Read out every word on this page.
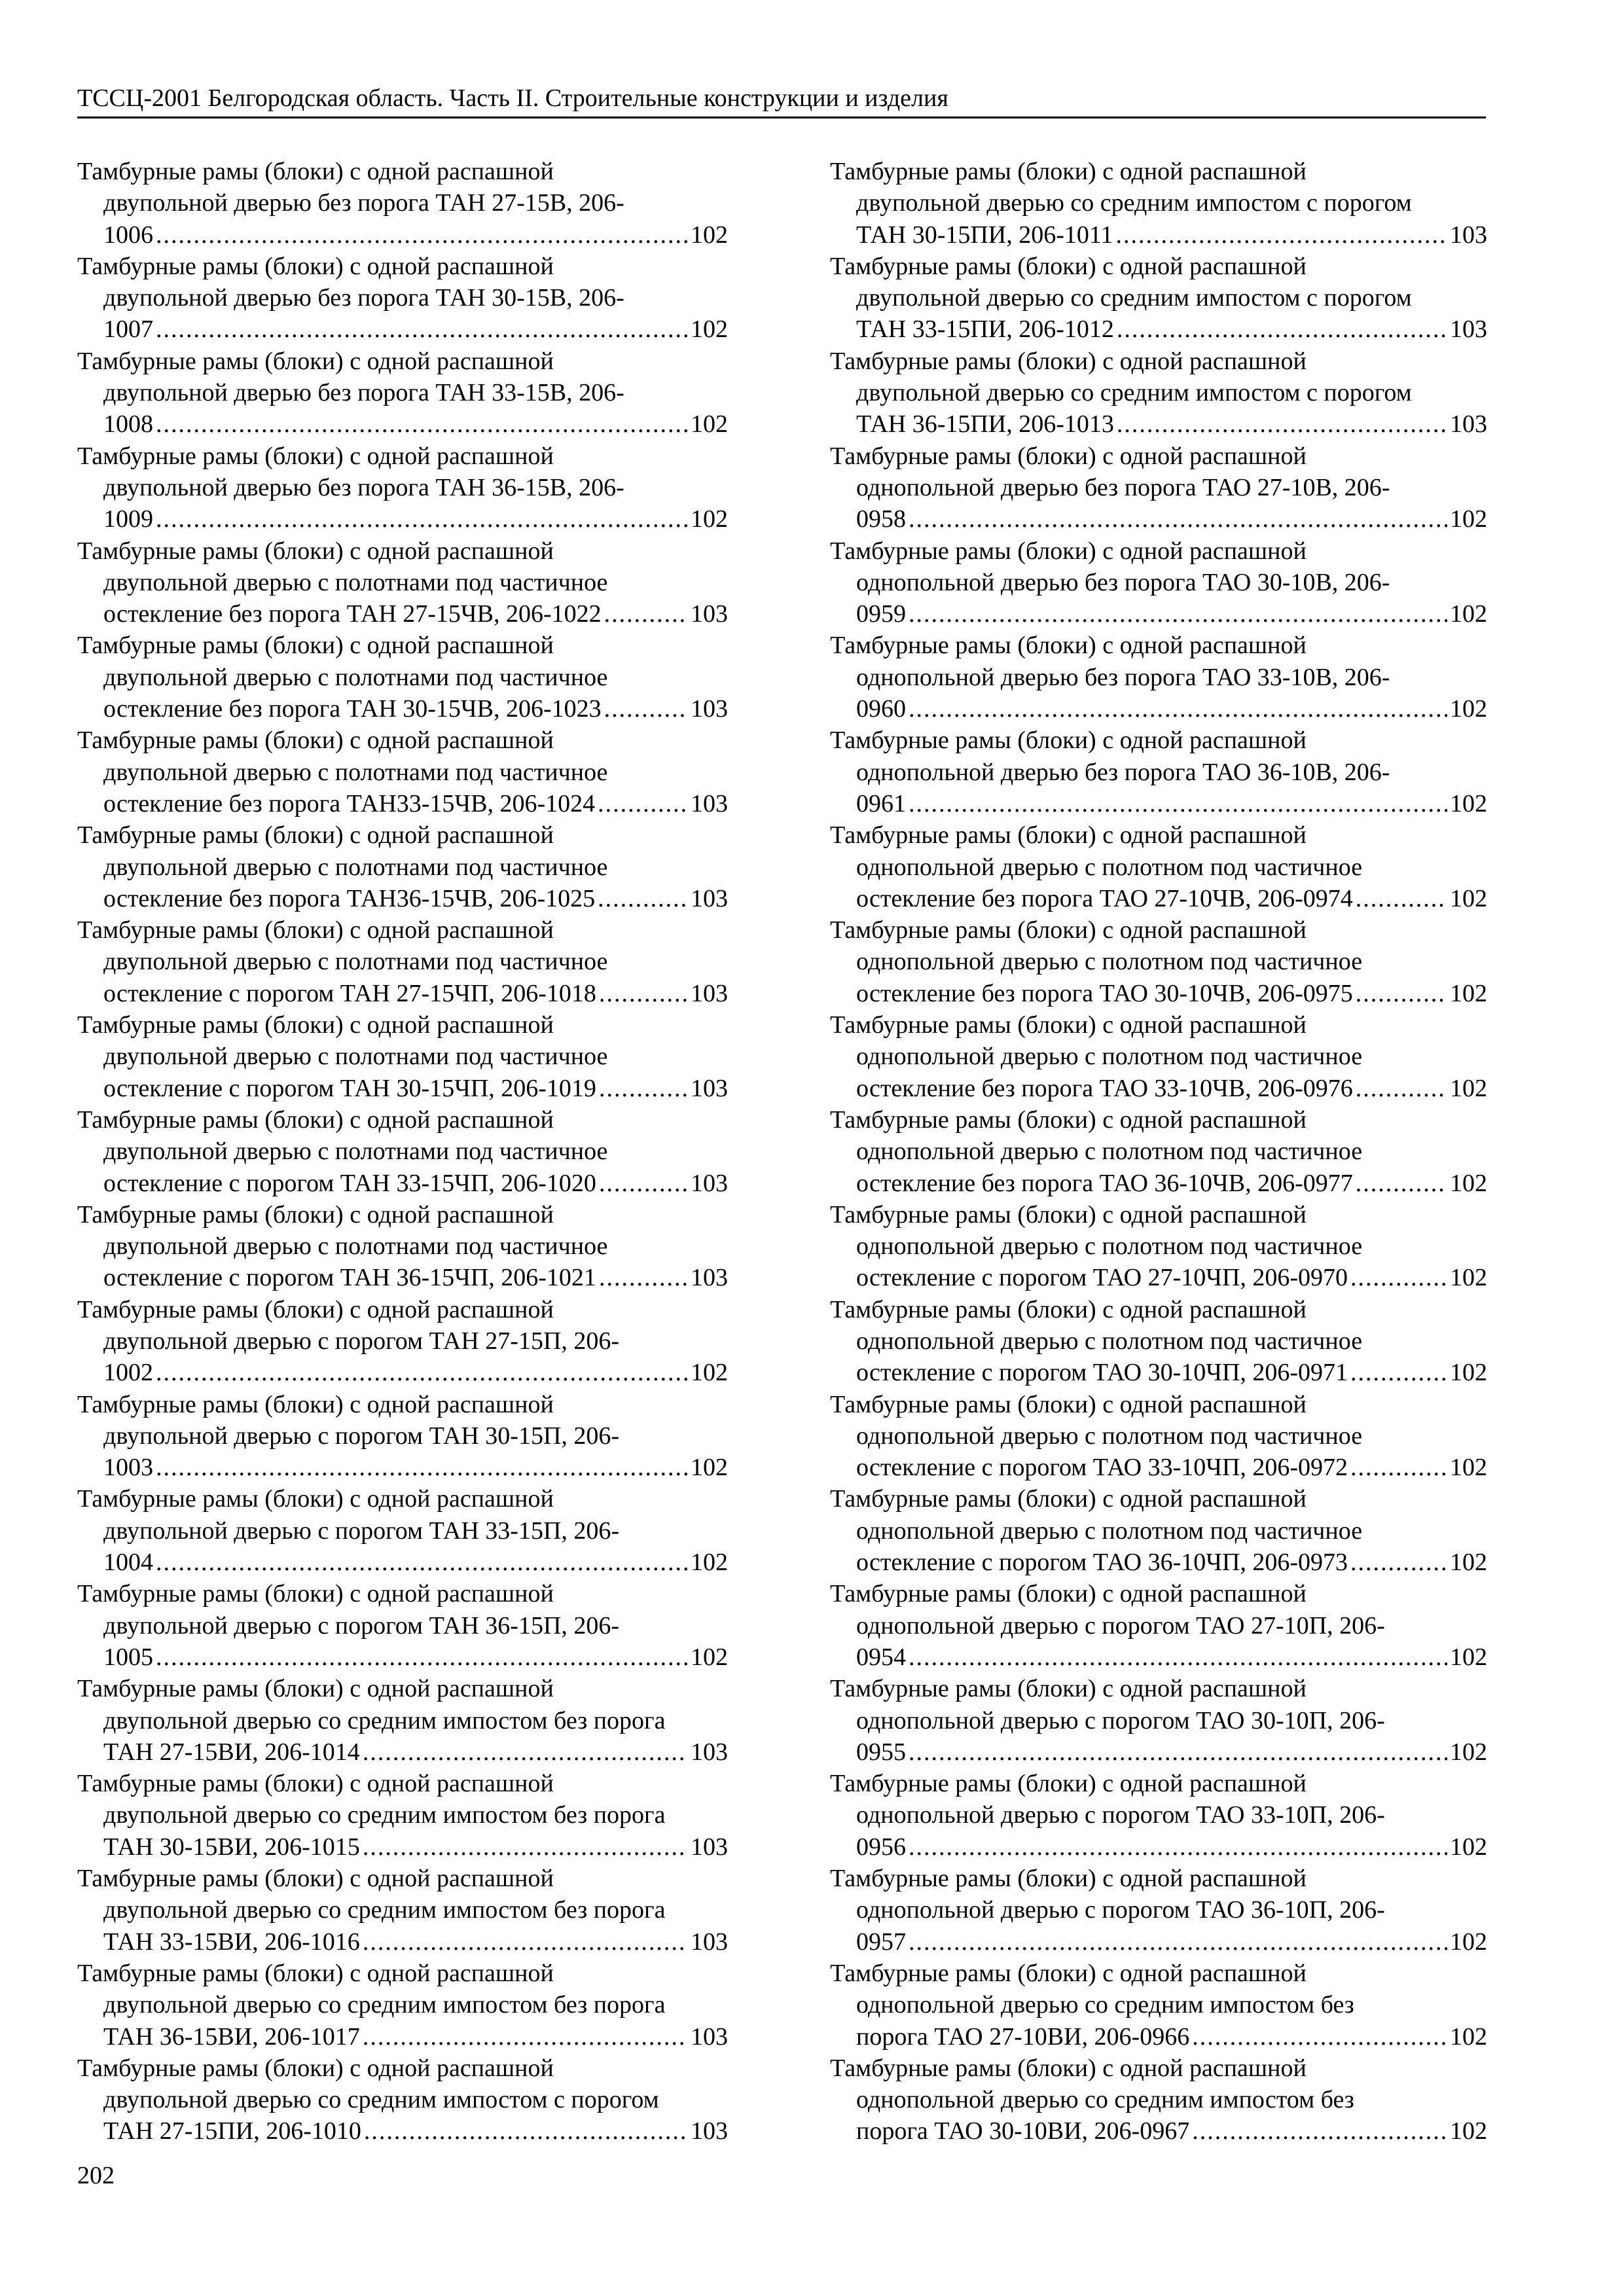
ТССЦ-2001 Белгородская область. Часть II. Строительные конструкции и изделия
Тамбурные рамы (блоки) с одной распашной
двупольной дверью без порога ТАН 27-15В, 206-
1006 .....	102
Тамбурные рамы (блоки) с одной распашной
двупольной дверью без порога ТАН 30-15В, 206-
1007 .....	102
Тамбурные рамы (блоки) с одной распашной
двупольной дверью без порога ТАН 33-15В, 206-
1008 .....	102
Тамбурные рамы (блоки) с одной распашной
двупольной дверью без порога ТАН 36-15В, 206-
1009 .....	102
Тамбурные рамы (блоки) с одной распашной
двупольной дверью с полотнами под частичное
остекление без порога ТАН 27-15ЧВ, 206-1022 .....	103
Тамбурные рамы (блоки) с одной распашной
двупольной дверью с полотнами под частичное
остекление без порога ТАН 30-15ЧВ, 206-1023 .....	103
Тамбурные рамы (блоки) с одной распашной
двупольной дверью с полотнами под частичное
остекление без порога ТАН33-15ЧВ, 206-1024 .....	103
Тамбурные рамы (блоки) с одной распашной
двупольной дверью с полотнами под частичное
остекление без порога ТАН36-15ЧВ, 206-1025 .....	103
Тамбурные рамы (блоки) с одной распашной
двупольной дверью с полотнами под частичное
остекление с порогом ТАН 27-15ЧП, 206-1018 .....	103
Тамбурные рамы (блоки) с одной распашной
двупольной дверью с полотнами под частичное
остекление с порогом ТАН 30-15ЧП, 206-1019 .....	103
Тамбурные рамы (блоки) с одной распашной
двупольной дверью с полотнами под частичное
остекление с порогом ТАН 33-15ЧП, 206-1020 .....	103
Тамбурные рамы (блоки) с одной распашной
двупольной дверью с полотнами под частичное
остекление с порогом ТАН 36-15ЧП, 206-1021 .....	103
Тамбурные рамы (блоки) с одной распашной
двупольной дверью с порогом ТАН 27-15П, 206-
1002 .....	102
Тамбурные рамы (блоки) с одной распашной
двупольной дверью с порогом ТАН 30-15П, 206-
1003 .....	102
Тамбурные рамы (блоки) с одной распашной
двупольной дверью с порогом ТАН 33-15П, 206-
1004 .....	102
Тамбурные рамы (блоки) с одной распашной
двупольной дверью с порогом ТАН 36-15П, 206-
1005 .....	102
Тамбурные рамы (блоки) с одной распашной
двупольной дверью со средним импостом без порога
ТАН 27-15ВИ, 206-1014 .....	103
Тамбурные рамы (блоки) с одной распашной
двупольной дверью со средним импостом без порога
ТАН 30-15ВИ, 206-1015 .....	103
Тамбурные рамы (блоки) с одной распашной
двупольной дверью со средним импостом без порога
ТАН 33-15ВИ, 206-1016 .....	103
Тамбурные рамы (блоки) с одной распашной
двупольной дверью со средним импостом без порога
ТАН 36-15ВИ, 206-1017 .....	103
Тамбурные рамы (блоки) с одной распашной
двупольной дверью со средним импостом с порогом
ТАН 27-15ПИ, 206-1010 .....	103
Тамбурные рамы (блоки) с одной распашной
двупольной дверью со средним импостом с порогом
ТАН 30-15ПИ, 206-1011 .....	103
Тамбурные рамы (блоки) с одной распашной
двупольной дверью со средним импостом с порогом
ТАН 33-15ПИ, 206-1012 .....	103
Тамбурные рамы (блоки) с одной распашной
двупольной дверью со средним импостом с порогом
ТАН 36-15ПИ, 206-1013 .....	103
Тамбурные рамы (блоки) с одной распашной
однопольной дверью без порога ТАО 27-10В, 206-
0958 .....	102
Тамбурные рамы (блоки) с одной распашной
однопольной дверью без порога ТАО 30-10В, 206-
0959 .....	102
Тамбурные рамы (блоки) с одной распашной
однопольной дверью без порога ТАО 33-10В, 206-
0960 .....	102
Тамбурные рамы (блоки) с одной распашной
однопольной дверью без порога ТАО 36-10В, 206-
0961 .....	102
Тамбурные рамы (блоки) с одной распашной
однопольной дверью с полотном под частичное
остекление без порога ТАО 27-10ЧВ, 206-0974 .....	102
Тамбурные рамы (блоки) с одной распашной
однопольной дверью с полотном под частичное
остекление без порога ТАО 30-10ЧВ, 206-0975 .....	102
Тамбурные рамы (блоки) с одной распашной
однопольной дверью с полотном под частичное
остекление без порога ТАО 33-10ЧВ, 206-0976 .....	102
Тамбурные рамы (блоки) с одной распашной
однопольной дверью с полотном под частичное
остекление без порога ТАО 36-10ЧВ, 206-0977 .....	102
Тамбурные рамы (блоки) с одной распашной
однопольной дверью с полотном под частичное
остекление с порогом ТАО 27-10ЧП, 206-0970 .....	102
Тамбурные рамы (блоки) с одной распашной
однопольной дверью с полотном под частичное
остекление с порогом ТАО 30-10ЧП, 206-0971 .....	102
Тамбурные рамы (блоки) с одной распашной
однопольной дверью с полотном под частичное
остекление с порогом ТАО 33-10ЧП, 206-0972 .....	102
Тамбурные рамы (блоки) с одной распашной
однопольной дверью с полотном под частичное
остекление с порогом ТАО 36-10ЧП, 206-0973 .....	102
Тамбурные рамы (блоки) с одной распашной
однопольной дверью с порогом ТАО 27-10П, 206-
0954 .....	102
Тамбурные рамы (блоки) с одной распашной
однопольной дверью с порогом ТАО 30-10П, 206-
0955 .....	102
Тамбурные рамы (блоки) с одной распашной
однопольной дверью с порогом ТАО 33-10П, 206-
0956 .....	102
Тамбурные рамы (блоки) с одной распашной
однопольной дверью с порогом ТАО 36-10П, 206-
0957 .....	102
Тамбурные рамы (блоки) с одной распашной
однопольной дверью со средним импостом без
порога ТАО 27-10ВИ, 206-0966 .....	102
Тамбурные рамы (блоки) с одной распашной
однопольной дверью со средним импостом без
порога ТАО 30-10ВИ, 206-0967 .....	102
202
